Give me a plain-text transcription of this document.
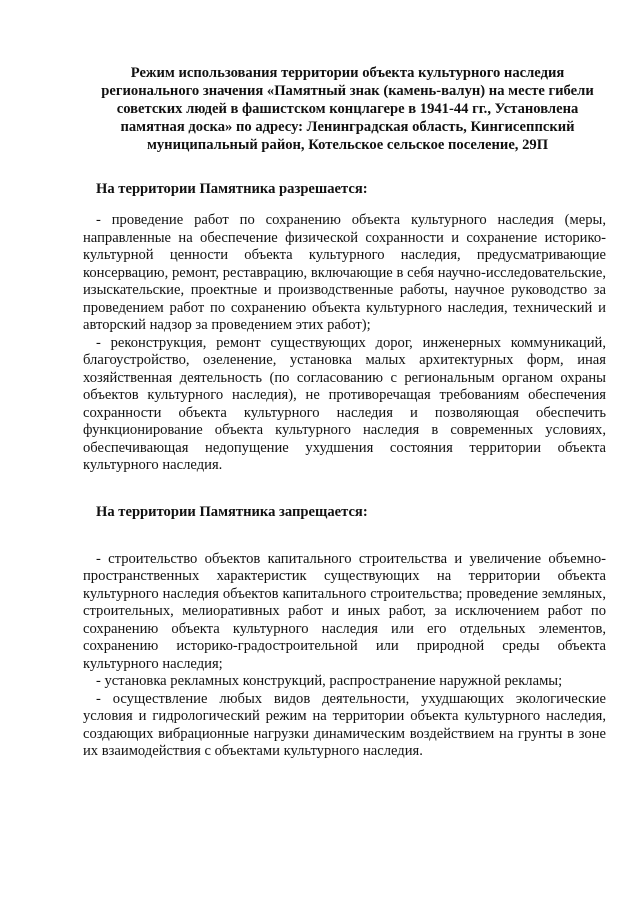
Режим использования территории объекта культурного наследия регионального значения «Памятный знак (камень-валун) на месте гибели советских людей в фашистском концлагере в 1941-44 гг., Установлена памятная доска» по адресу: Ленинградская область, Кингисеппский муниципальный район, Котельское сельское поселение, 29П

На территории Памятника разрешается:

- проведение работ по сохранению объекта культурного наследия (меры, направленные на обеспечение физической сохранности и сохранение историко-культурной ценности объекта культурного наследия, предусматривающие консервацию, ремонт, реставрацию, включающие в себя научно-исследовательские, изыскательские, проектные и производственные работы, научное руководство за проведением работ по сохранению объекта культурного наследия, технический и авторский надзор за проведением этих работ);

- реконструкция, ремонт существующих дорог, инженерных коммуникаций, благоустройство, озеленение, установка малых архитектурных форм, иная хозяйственная деятельность (по согласованию с региональным органом охраны объектов культурного наследия), не противоречащая требованиям обеспечения сохранности объекта культурного наследия и позволяющая обеспечить функционирование объекта культурного наследия в современных условиях, обеспечивающая недопущение ухудшения состояния территории объекта культурного наследия.

На территории Памятника запрещается:

- строительство объектов капитального строительства и увеличение объемно-пространственных характеристик существующих на территории объекта культурного наследия объектов капитального строительства; проведение земляных, строительных, мелиоративных работ и иных работ, за исключением работ по сохранению объекта культурного наследия или его отдельных элементов, сохранению историко-градостроительной или природной среды объекта культурного наследия;

- установка рекламных конструкций, распространение наружной рекламы;

- осуществление любых видов деятельности, ухудшающих экологические условия и гидрологический режим на территории объекта культурного наследия, создающих вибрационные нагрузки динамическим воздействием на грунты в зоне их взаимодействия с объектами культурного наследия.
